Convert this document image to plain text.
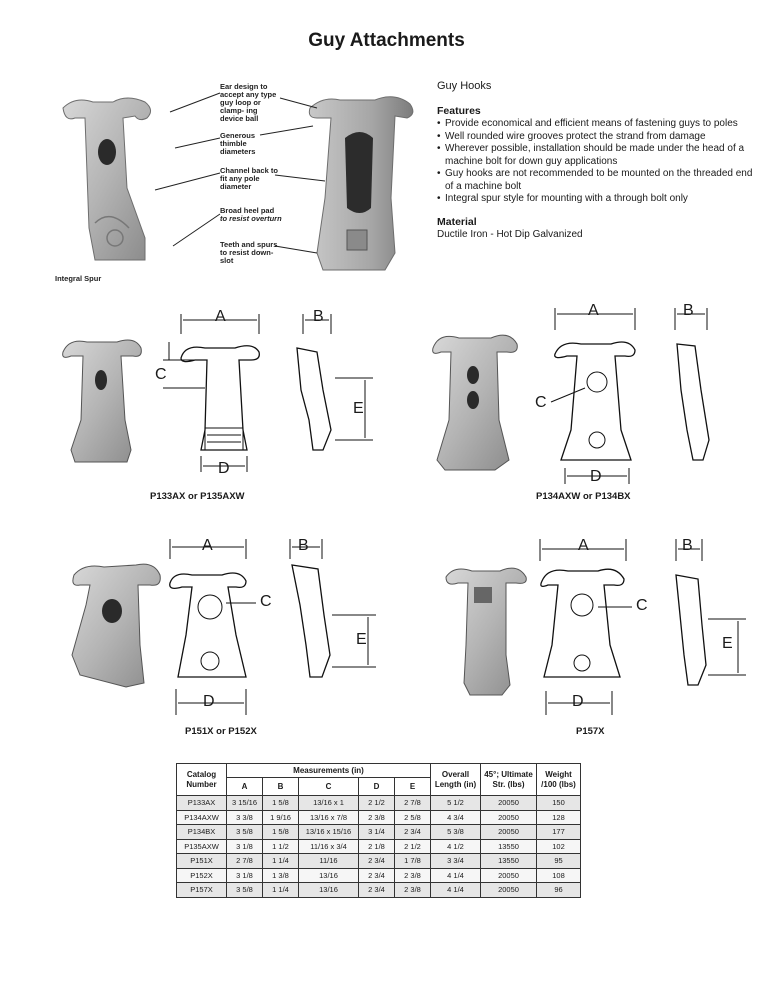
Guy Attachments
Ear design to accept any type guy loop or clamp- ing device ball
Generous thimble diameters
Channel back to fit any pole diameter
Broad heel pad
to resist overturn
Teeth and spurs to resist down-slot
Integral Spur
Guy Hooks
Features
• Provide economical and efficient means of fastening guys to poles
• Well rounded wire grooves protect the strand from damage
• Wherever possible, installation should be made under the head of a machine bolt for down guy applications
• Guy hooks are not recommended to be mounted on the threaded end of a machine bolt
• Integral spur style for mounting with a through bolt only
Material
Ductile Iron - Hot Dip Galvanized
A	B
C
E
D
P133AX or P135AXW
A	B
C
D
P134AXW or P134BX
A	B
C
E
D
P151X or P152X
A	B
C
E
D
P157X
Catalog Number	Measurements (in)					Overall Length (in)	45°; Ultimate Str. (lbs)	Weight /100 (lbs)
	A	B	C	D	E			
P133AX	3 15/16	1 5/8	13/16 x 1	2 1/2	2 7/8	5 1/2	20050	150
P134AXW	3 3/8	1 9/16	13/16 x 7/8	2 3/8	2 5/8	4 3/4	20050	128
P134BX	3 5/8	1 5/8	13/16 x 15/16	3 1/4	2 3/4	5 3/8	20050	177
P135AXW	3 1/8	1 1/2	11/16 x 3/4	2 1/8	2 1/2	4 1/2	13550	102
P151X	2 7/8	1 1/4	11/16	2 3/4	1 7/8	3 3/4	13550	95
P152X	3 1/8	1 3/8	13/16	2 3/4	2 3/8	4 1/4	20050	108
P157X	3 5/8	1 1/4	13/16	2 3/4	2 3/8	4 1/4	20050	96
